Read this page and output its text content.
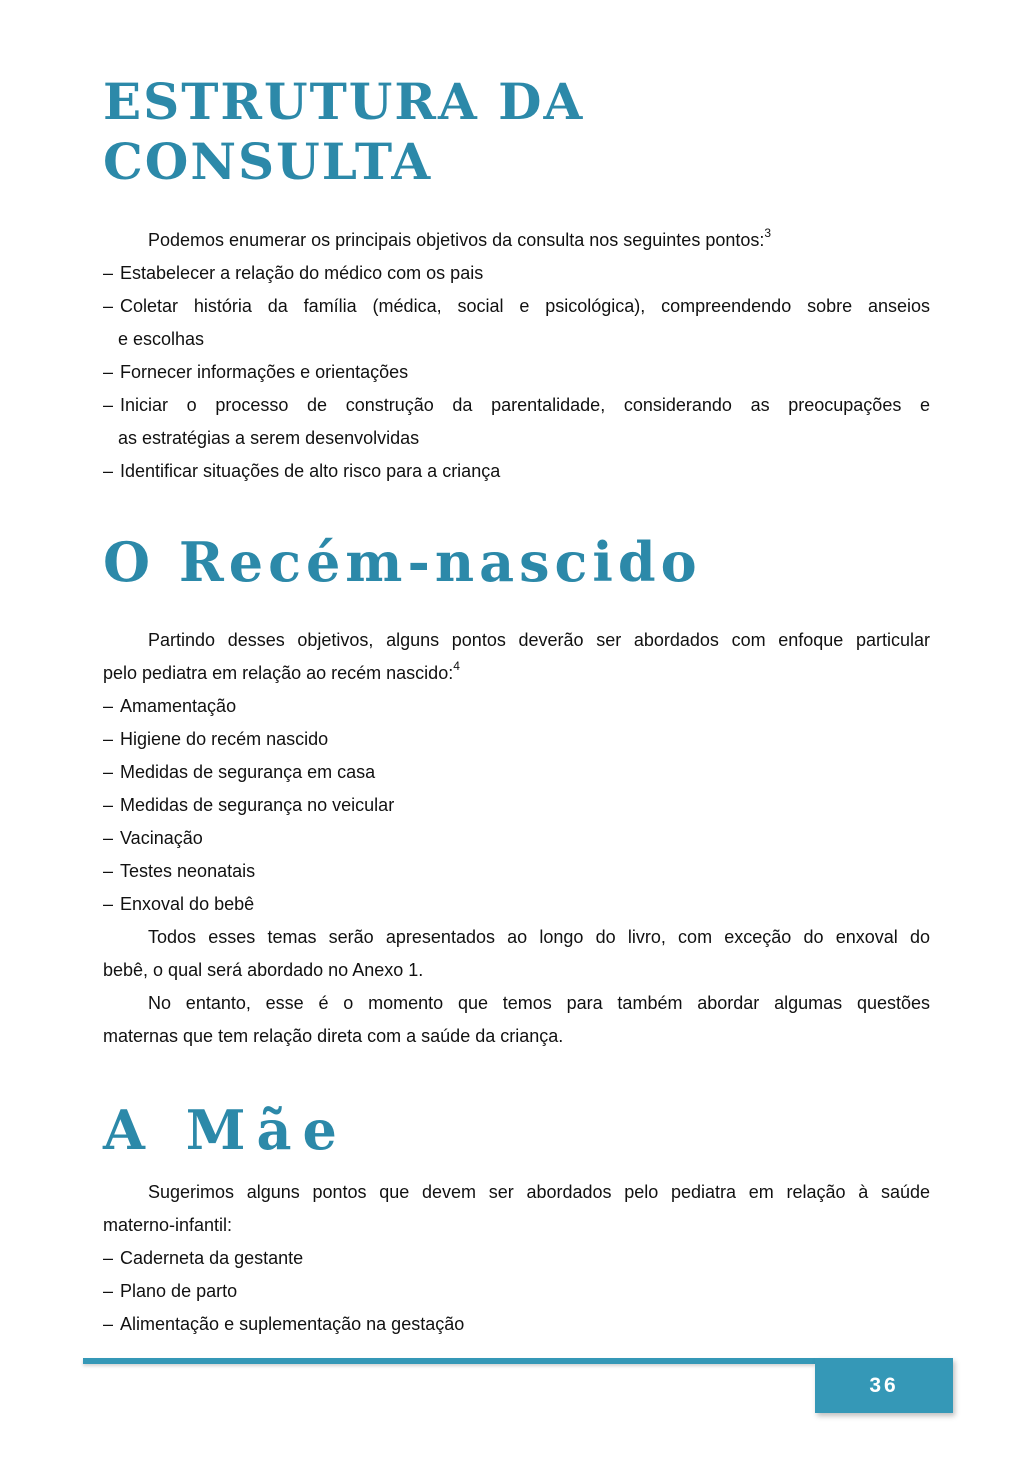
ESTRUTURA DA CONSULTA
Podemos enumerar os principais objetivos da consulta nos seguintes pontos:$^3$
– Estabelecer a relação do médico com os pais
– Coletar história da família (médica, social e psicológica), compreendendo sobre anseios
e escolhas
– Fornecer informações e orientações
– Iniciar o processo de construção da parentalidade, considerando as preocupações e
as estratégias a serem desenvolvidas
– Identificar situações de alto risco para a criança
O Recém-nascido
Partindo desses objetivos, alguns pontos deverão ser abordados com enfoque particular
pelo pediatra em relação ao recém nascido:$^4$
– Amamentação
– Higiene do recém nascido
– Medidas de segurança em casa
– Medidas de segurança no veicular
– Vacinação
– Testes neonatais
– Enxoval do bebê
Todos esses temas serão apresentados ao longo do livro, com exceção do enxoval do
bebê, o qual será abordado no Anexo 1.
No entanto, esse é o momento que temos para também abordar algumas questões
maternas que tem relação direta com a saúde da criança.
A Mãe
Sugerimos alguns pontos que devem ser abordados pelo pediatra em relação à saúde
materno-infantil:
– Caderneta da gestante
– Plano de parto
– Alimentação e suplementação na gestação
36
